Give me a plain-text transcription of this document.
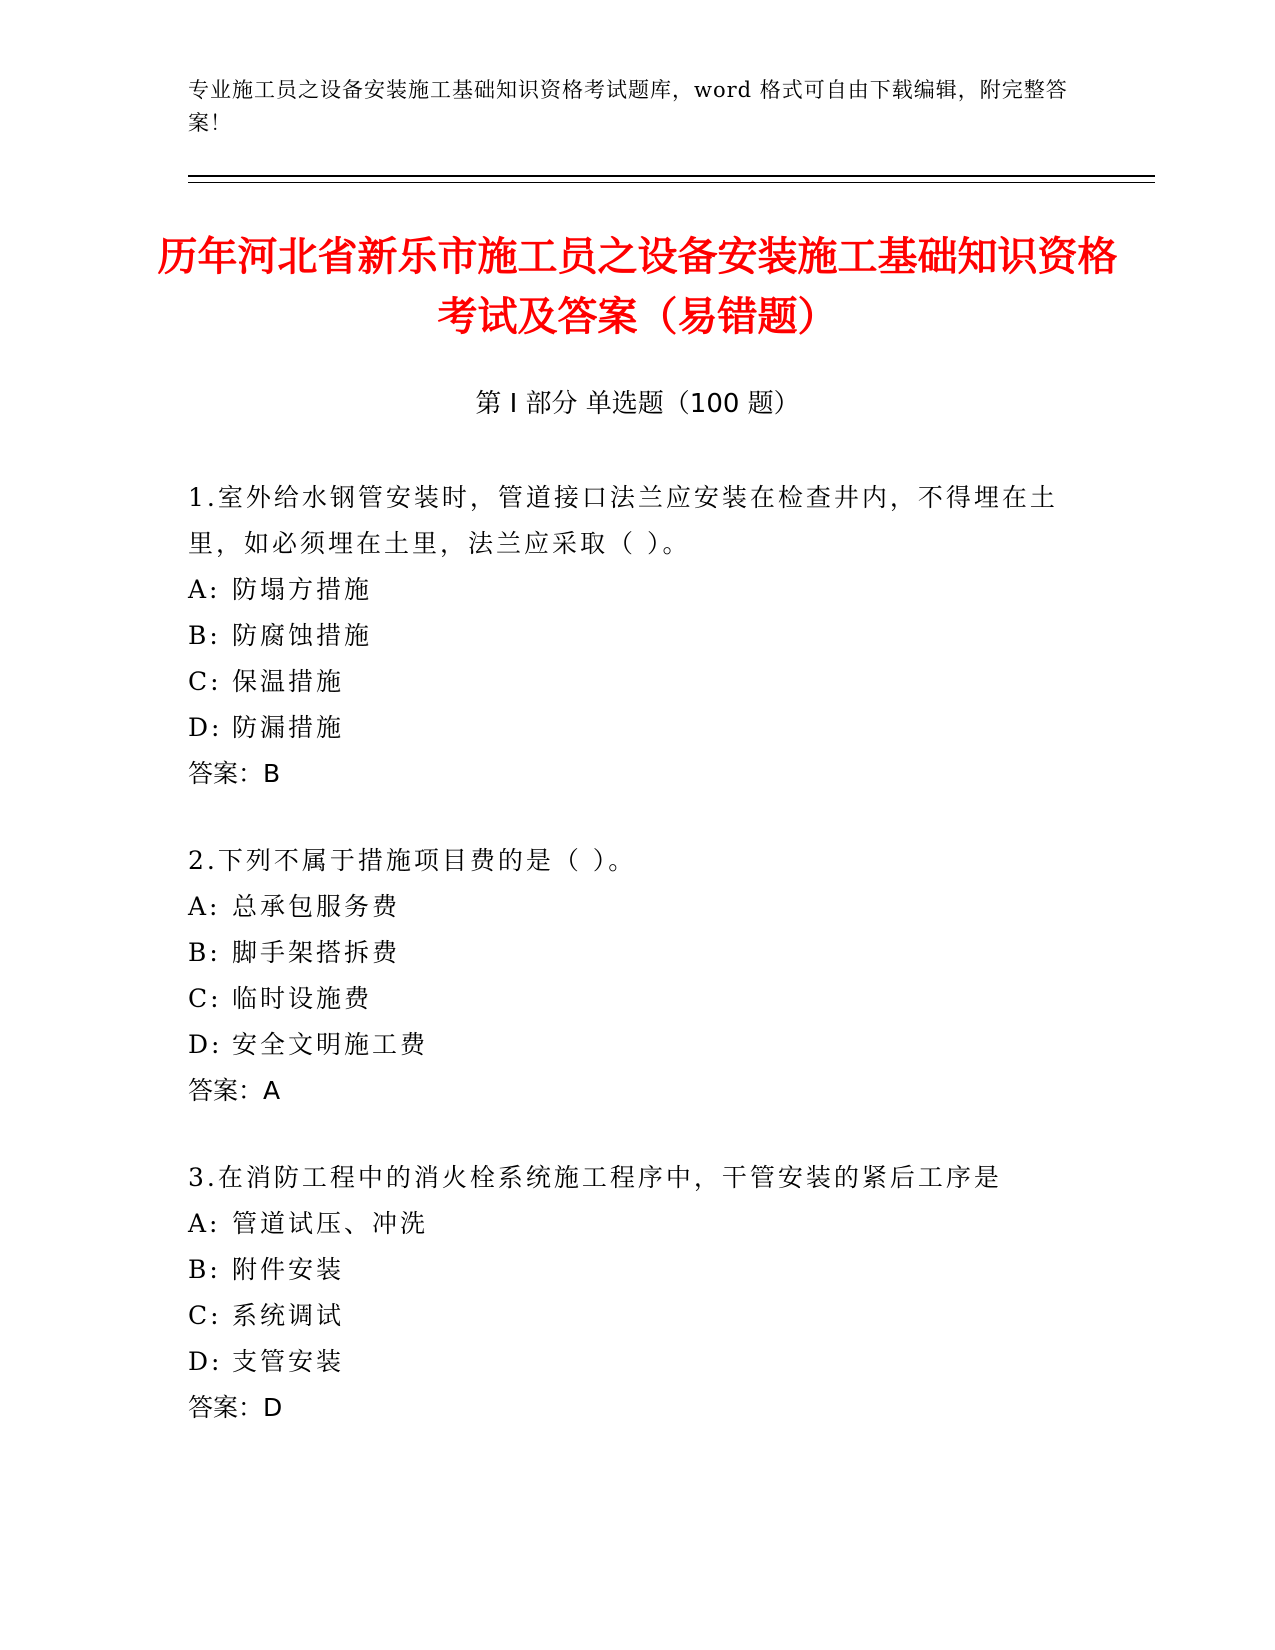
专业施工员之设备安装施工基础知识资格考试题库，word 格式可自由下载编辑，附完整答案！
历年河北省新乐市施工员之设备安装施工基础知识资格考试及答案（易错题）
第 I 部分 单选题（100 题）
1.室外给水钢管安装时，管道接口法兰应安装在检查井内，不得埋在土里，如必须埋在土里，法兰应采取（ ）。
A: 防塌方措施
B: 防腐蚀措施
C: 保温措施
D: 防漏措施
答案：B
2.下列不属于措施项目费的是（ ）。
A: 总承包服务费
B: 脚手架搭拆费
C: 临时设施费
D: 安全文明施工费
答案：A
3.在消防工程中的消火栓系统施工程序中，干管安装的紧后工序是
A: 管道试压、冲洗
B: 附件安装
C: 系统调试
D: 支管安装
答案：D
